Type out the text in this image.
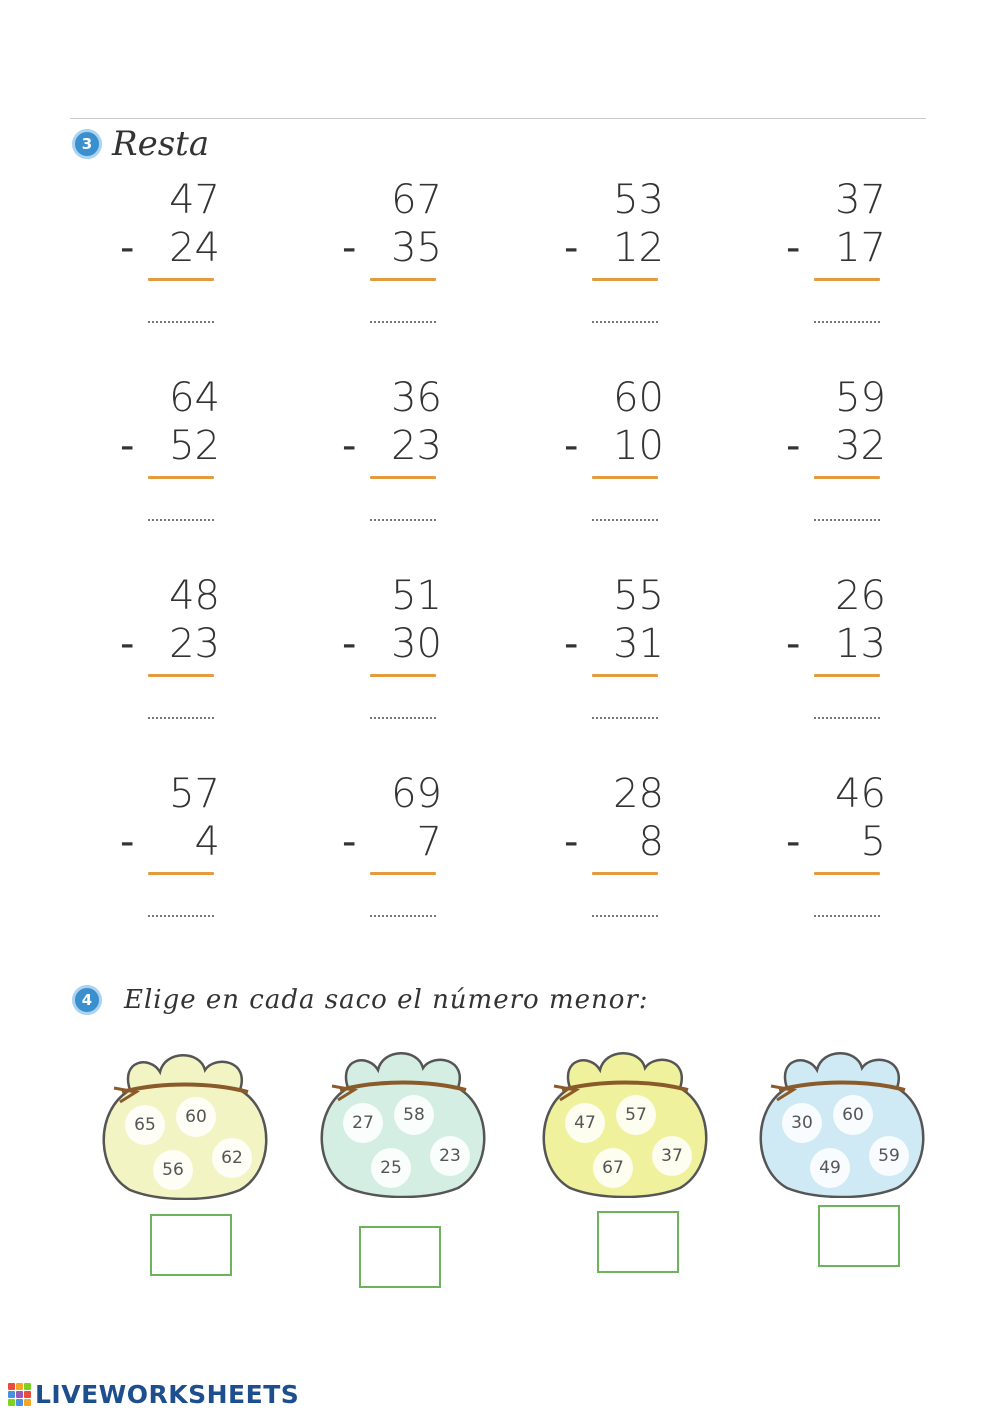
3 Resta
47
- 24
67
- 35
53
- 12
37
- 17
64
- 52
36
- 23
60
- 10
59
- 32
48
- 23
51
- 30
55
- 31
26
- 13
57
- 4
69
- 7
28
- 8
46
- 5
4	Elige en cada saco el número menor:
65	60
56
62
27	58
25
23
47	57
67
37
30	60
49
59
LIVEWORKSHEETS
